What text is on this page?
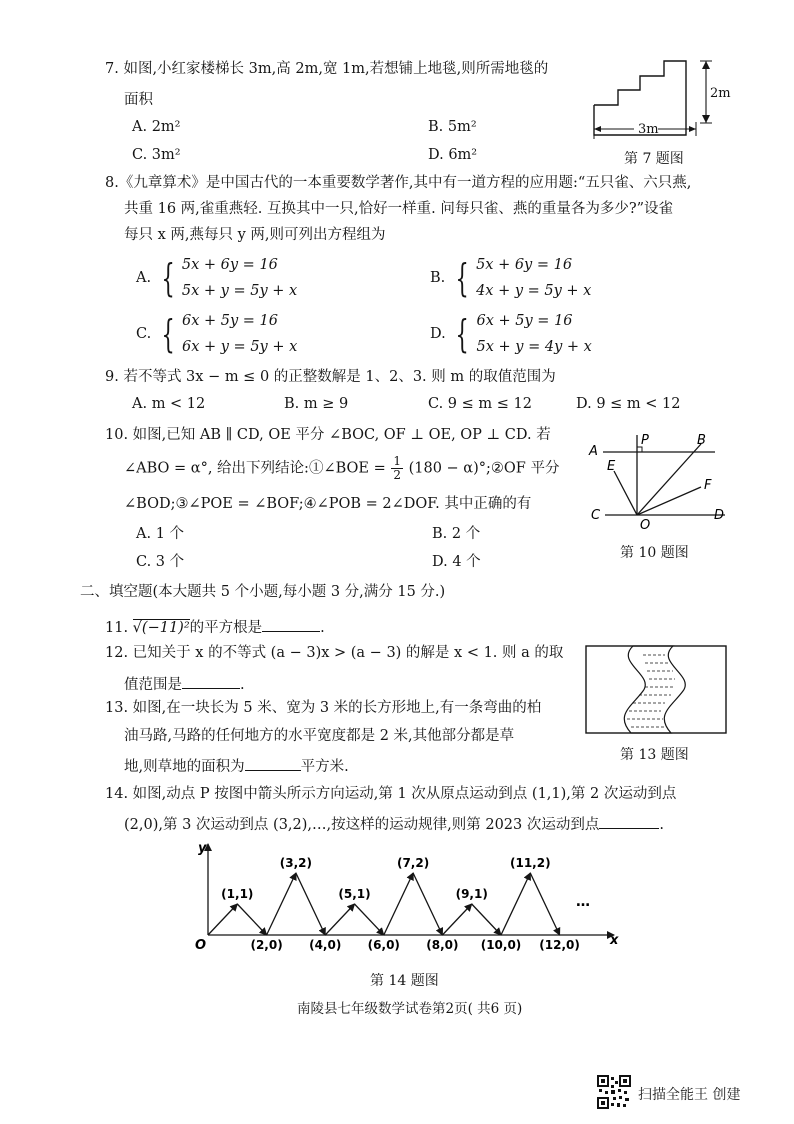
7. 如图,小红家楼梯长 3m,高 2m,宽 1m,若想铺上地毯,则所需地毯的
面积
A. 2m²	B. 5m²
C. 3m²	D. 6m²
2m
3m
第 7 题图
8.《九章算术》是中国古代的一本重要数学著作,其中有一道方程的应用题:“五只雀、六只燕,
共重 16 两,雀重燕轻. 互换其中一只,恰好一样重. 问每只雀、燕的重量各为多少?”设雀
每只 x 两,燕每只 y 两,则可列出方程组为
A. { 5x + 6y = 16
5x + y = 5y + x
B. { 5x + 6y = 16
4x + y = 5y + x
C. { 6x + 5y = 16
6x + y = 5y + x
D. { 6x + 5y = 16
5x + y = 4y + x
9. 若不等式 3x − m ≤ 0 的正整数解是 1、2、3. 则 m 的取值范围为
A. m < 12	B. m ≥ 9	C. 9 ≤ m ≤ 12	D. 9 ≤ m < 12
10. 如图,已知 AB ∥ CD, OE 平分 ∠BOC, OF ⊥ OE, OP ⊥ CD. 若
∠ABO = α°, 给出下列结论:①∠BOE = $\frac{1}{2} (180$ − α)°;②OF 平分
∠BOD;③∠POE = ∠BOF;④∠POB = 2∠DOF. 其中正确的有
A. 1 个	B. 2 个
C. 3 个	D. 4 个
A
P	B
E
F
C
O
D
第 10 题图
二、填空题(本大题共 5 个小题,每小题 3 分,满分 15 分.)
11. √(−11)²的平方根是	.
12. 已知关于 x 的不等式 (a − 3)x > (a − 3) 的解是 x < 1. 则 a 的取
值范围是	.
第 13 题图
13. 如图,在一块长为 5 米、宽为 3 米的长方形地上,有一条弯曲的柏
油马路,马路的任何地方的水平宽度都是 2 米,其他部分都是草
地,则草地的面积为	平方米.
14. 如图,动点 P 按图中箭头所示方向运动,第 1 次从原点运动到点 (1,1),第 2 次运动到点
(2,0),第 3 次运动到点 (3,2),…,按这样的运动规律,则第 2023 次运动到点	.
y
x
O
…
(1,1)
(2,0)
(3,2)
(4,0)
(5,1)
(6,0)
(7,2)
(8,0)
(9,1)
(10,0)
(11,2)
(12,0)
第 14 题图
南陵县七年级数学试卷第2页( 共6 页)
扫描全能王 创建
